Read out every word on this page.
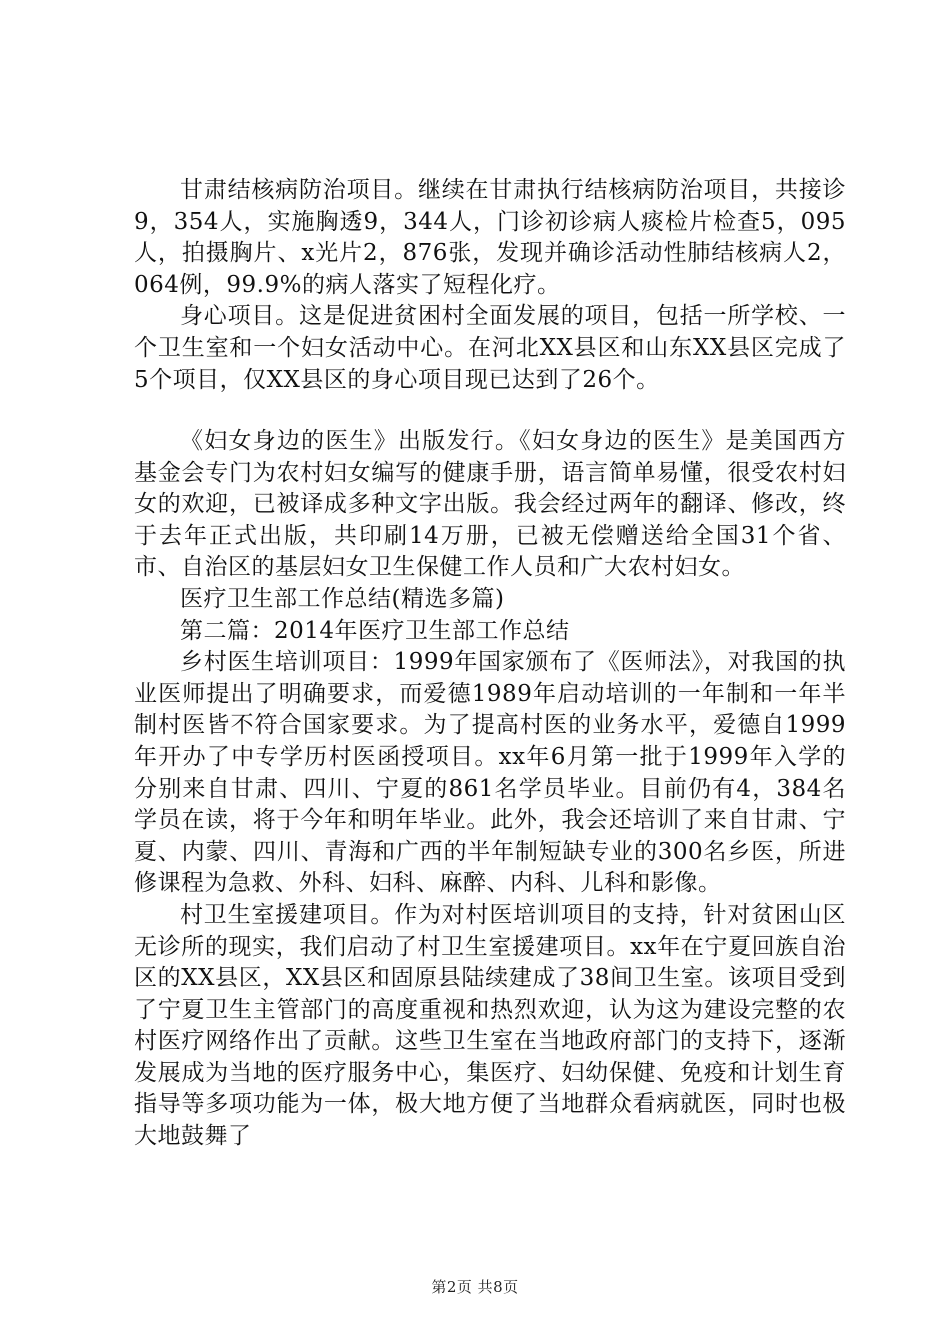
甘肃结核病防治项目。继续在甘肃执行结核病防治项目，共接诊9，354人，实施胸透9，344人，门诊初诊病人痰检片检查5，095人，拍摄胸片、x光片2，876张，发现并确诊活动性肺结核病人2，064例，99.9%的病人落实了短程化疗。

身心项目。这是促进贫困村全面发展的项目，包括一所学校、一个卫生室和一个妇女活动中心。在河北XX县区和山东XX县区完成了5个项目，仅XX县区的身心项目现已达到了26个。

《妇女身边的医生》出版发行。《妇女身边的医生》是美国西方基金会专门为农村妇女编写的健康手册，语言简单易懂，很受农村妇女的欢迎，已被译成多种文字出版。我会经过两年的翻译、修改，终于去年正式出版，共印刷14万册，已被无偿赠送给全国31个省、市、自治区的基层妇女卫生保健工作人员和广大农村妇女。

医疗卫生部工作总结(精选多篇)

第二篇：2014年医疗卫生部工作总结

乡村医生培训项目：1999年国家颁布了《医师法》，对我国的执业医师提出了明确要求，而爱德1989年启动培训的一年制和一年半制村医皆不符合国家要求。为了提高村医的业务水平，爱德自1999年开办了中专学历村医函授项目。xx年6月第一批于1999年入学的分别来自甘肃、四川、宁夏的861名学员毕业。目前仍有4，384名学员在读，将于今年和明年毕业。此外，我会还培训了来自甘肃、宁夏、内蒙、四川、青海和广西的半年制短缺专业的300名乡医，所进修课程为急救、外科、妇科、麻醉、内科、儿科和影像。

村卫生室援建项目。作为对村医培训项目的支持，针对贫困山区无诊所的现实，我们启动了村卫生室援建项目。xx年在宁夏回族自治区的XX县区，XX县区和固原县陆续建成了38间卫生室。该项目受到了宁夏卫生主管部门的高度重视和热烈欢迎，认为这为建设完整的农村医疗网络作出了贡献。这些卫生室在当地政府部门的支持下，逐渐发展成为当地的医疗服务中心，集医疗、妇幼保健、免疫和计划生育指导等多项功能为一体，极大地方便了当地群众看病就医，同时也极大地鼓舞了

第2页 共8页
